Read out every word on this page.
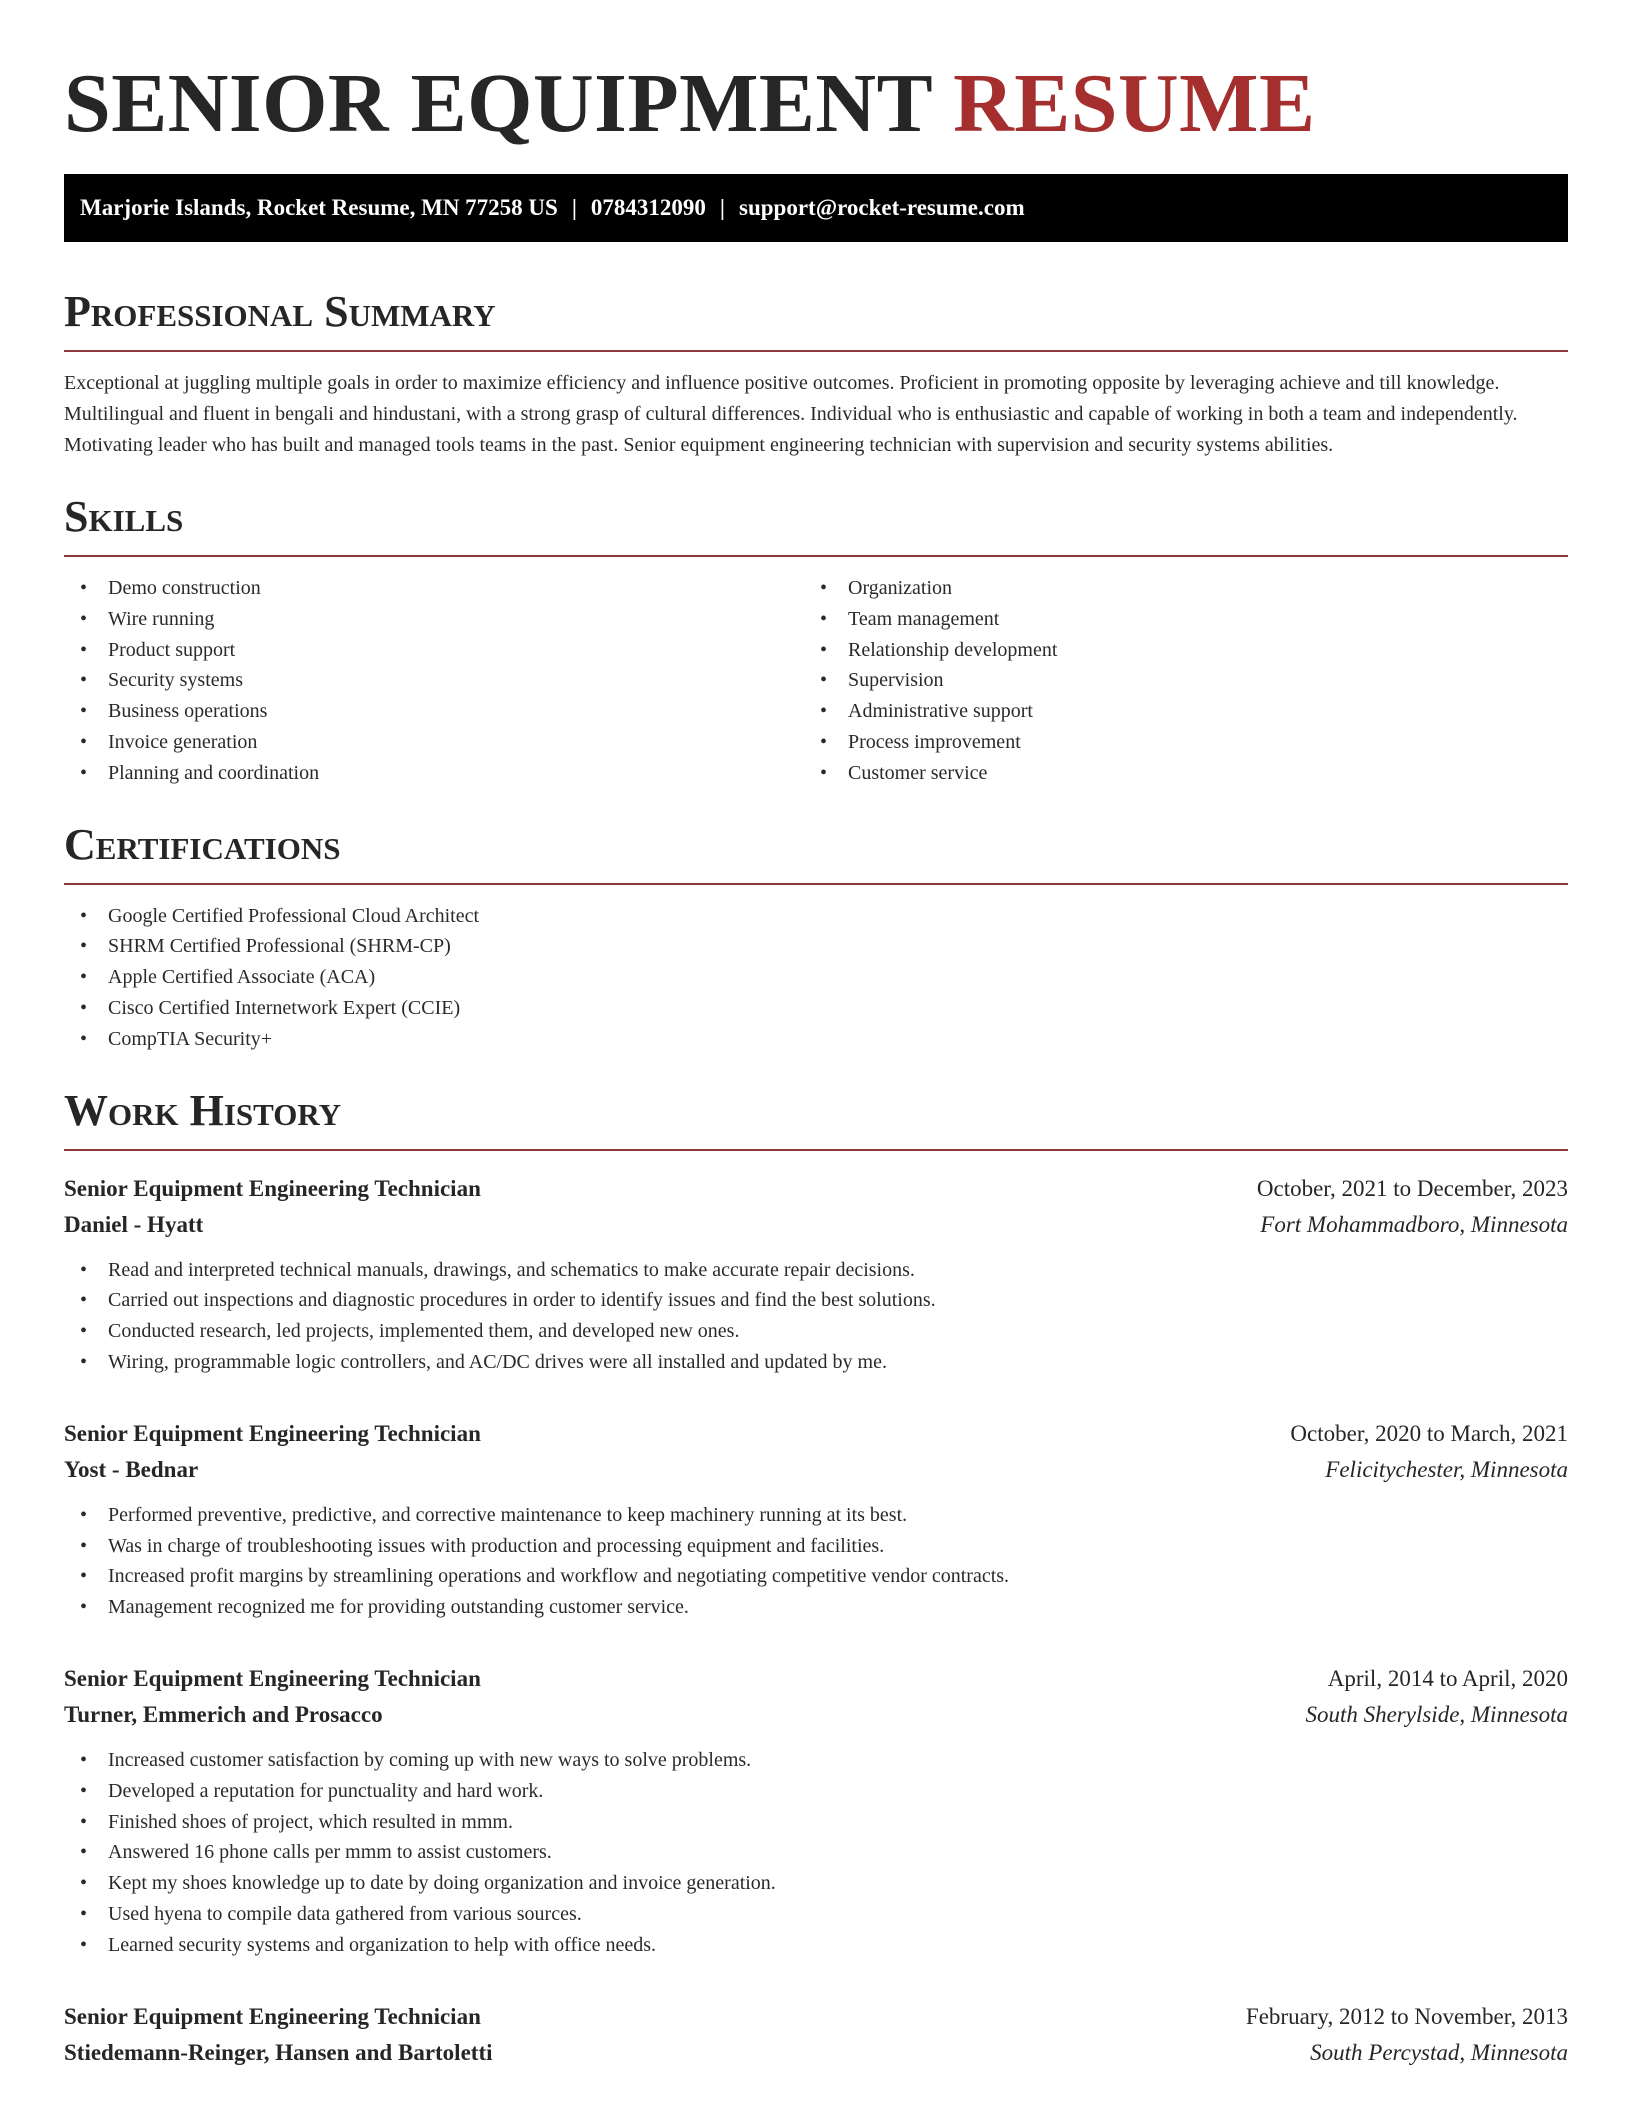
SENIOR EQUIPMENT RESUME
Marjorie Islands, Rocket Resume, MN 77258 US | 0784312090 | support@rocket-resume.com
Professional Summary

Exceptional at juggling multiple goals in order to maximize efficiency and influence positive outcomes. Proficient in promoting opposite by leveraging achieve and till knowledge. Multilingual and fluent in bengali and hindustani, with a strong grasp of cultural differences. Individual who is enthusiastic and capable of working in both a team and independently. Motivating leader who has built and managed tools teams in the past. Senior equipment engineering technician with supervision and security systems abilities.

Skills
• Demo construction
• Wire running
• Product support
• Security systems
• Business operations
• Invoice generation
• Planning and coordination
• Organization
• Team management
• Relationship development
• Supervision
• Administrative support
• Process improvement
• Customer service
Certifications
• Google Certified Professional Cloud Architect
• SHRM Certified Professional (SHRM-CP)
• Apple Certified Associate (ACA)
• Cisco Certified Internetwork Expert (CCIE)
• CompTIA Security+
Work History
Senior Equipment Engineering Technician	October, 2021 to December, 2023
Daniel - Hyatt	Fort Mohammadboro, Minnesota
• Read and interpreted technical manuals, drawings, and schematics to make accurate repair decisions.
• Carried out inspections and diagnostic procedures in order to identify issues and find the best solutions.
• Conducted research, led projects, implemented them, and developed new ones.
• Wiring, programmable logic controllers, and AC/DC drives were all installed and updated by me.
Senior Equipment Engineering Technician	October, 2020 to March, 2021
Yost - Bednar	Felicitychester, Minnesota
• Performed preventive, predictive, and corrective maintenance to keep machinery running at its best.
• Was in charge of troubleshooting issues with production and processing equipment and facilities.
• Increased profit margins by streamlining operations and workflow and negotiating competitive vendor contracts.
• Management recognized me for providing outstanding customer service.
Senior Equipment Engineering Technician	April, 2014 to April, 2020
Turner, Emmerich and Prosacco	South Sherylside, Minnesota
• Increased customer satisfaction by coming up with new ways to solve problems.
• Developed a reputation for punctuality and hard work.
• Finished shoes of project, which resulted in mmm.
• Answered 16 phone calls per mmm to assist customers.
• Kept my shoes knowledge up to date by doing organization and invoice generation.
• Used hyena to compile data gathered from various sources.
• Learned security systems and organization to help with office needs.
Senior Equipment Engineering Technician	February, 2012 to November, 2013
Stiedemann-Reinger, Hansen and Bartoletti	South Percystad, Minnesota
